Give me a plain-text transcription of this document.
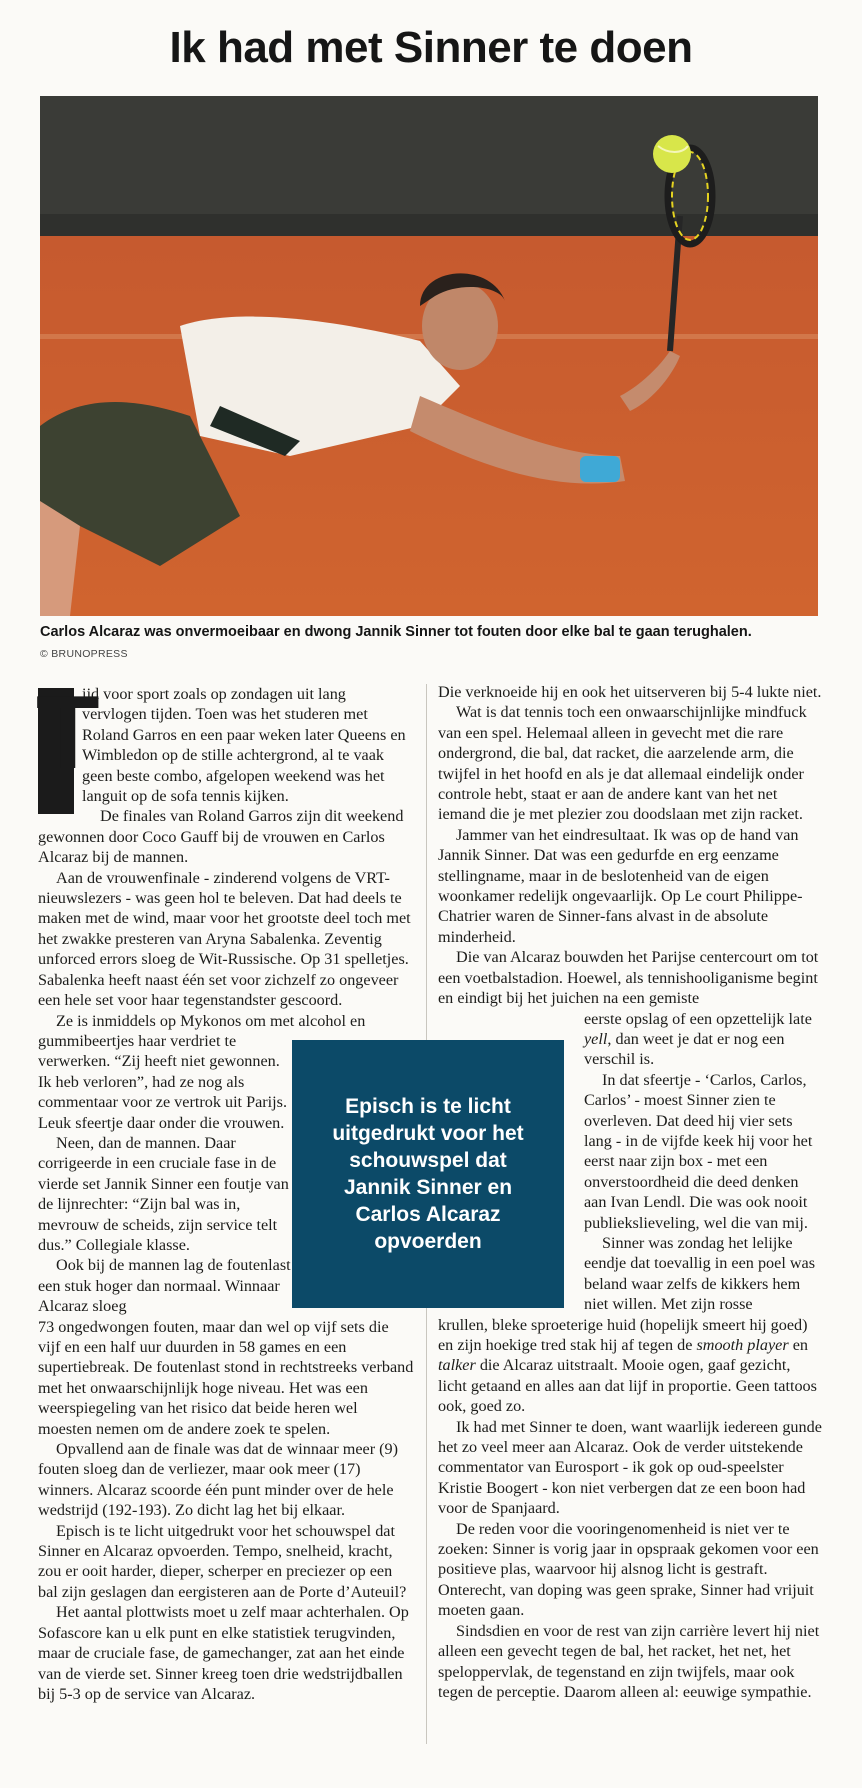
Ik had met Sinner te doen
Carlos Alcaraz was onvermoeibaar en dwong Jannik Sinner tot fouten door elke bal te gaan terughalen.
© BRUNOPRESS
T

ijd voor sport zoals op zondagen uit lang vervlogen tijden. Toen was het studeren met Roland Garros en een paar weken later Queens en Wimbledon op de stille achtergrond, al te vaak geen beste combo, afgelopen weekend was het languit op de sofa tennis kijken.

De finales van Roland Garros zijn dit weekend gewonnen door Coco Gauff bij de vrouwen en Carlos Alcaraz bij de mannen.

Aan de vrouwenfinale - zinderend volgens de VRT-nieuwslezers - was geen hol te beleven. Dat had deels te maken met de wind, maar voor het grootste deel toch met het zwakke presteren van Aryna Sabalenka. Zeventig unforced errors sloeg de Wit-Russische. Op 31 spelletjes. Sabalenka heeft naast één set voor zichzelf zo ongeveer een hele set voor haar tegenstandster gescoord.

Ze is inmiddels op Mykonos om met alcohol en

gummibeertjes haar verdriet te verwerken. “Zij heeft niet gewonnen. Ik heb verloren”, had ze nog als commentaar voor ze vertrok uit Parijs. Leuk sfeertje daar onder die vrouwen.

Neen, dan de mannen. Daar corrigeerde in een cruciale fase in de vierde set Jannik Sinner een foutje van de lijnrechter: “Zijn bal was in, mevrouw de scheids, zijn service telt dus.” Collegiale klasse.

Ook bij de mannen lag de foutenlast een stuk hoger dan normaal. Winnaar Alcaraz sloeg

73 ongedwongen fouten, maar dan wel op vijf sets die vijf en een half uur duurden in 58 games en een supertiebreak. De foutenlast stond in rechtstreeks verband met het onwaarschijnlijk hoge niveau. Het was een weerspiegeling van het risico dat beide heren wel moesten nemen om de andere zoek te spelen.

Opvallend aan de finale was dat de winnaar meer (9) fouten sloeg dan de verliezer, maar ook meer (17) winners. Alcaraz scoorde één punt minder over de hele wedstrijd (192-193). Zo dicht lag het bij elkaar.

Episch is te licht uitgedrukt voor het schouwspel dat Sinner en Alcaraz opvoerden. Tempo, snelheid, kracht, zou er ooit harder, dieper, scherper en preciezer op een bal zijn geslagen dan eergisteren aan de Porte d’Auteuil?

Het aantal plottwists moet u zelf maar achterhalen. Op Sofascore kan u elk punt en elke statistiek terugvinden, maar de cruciale fase, de gamechanger, zat aan het einde van de vierde set. Sinner kreeg toen drie wedstrijdballen bij 5-3 op de service van Alcaraz.

Die verknoeide hij en ook het uitserveren bij 5-4 lukte niet.

Wat is dat tennis toch een onwaarschijnlijke mindfuck van een spel. Helemaal alleen in gevecht met die rare ondergrond, die bal, dat racket, die aarzelende arm, die twijfel in het hoofd en als je dat allemaal eindelijk onder controle hebt, staat er aan de andere kant van het net iemand die je met plezier zou doodslaan met zijn racket.

Jammer van het eindresultaat. Ik was op de hand van Jannik Sinner. Dat was een gedurfde en erg eenzame stellingname, maar in de beslotenheid van de eigen woonkamer redelijk ongevaarlijk. Op Le court Philippe-Chatrier waren de Sinner-fans alvast in de absolute minderheid.

Die van Alcaraz bouwden het Parijse centercourt om tot een voetbalstadion. Hoewel, als tennishooliganisme begint en eindigt bij het juichen na een gemiste

eerste opslag of een opzettelijk late yell, dan weet je dat er nog een verschil is.

In dat sfeertje - ‘Carlos, Carlos, Carlos’ - moest Sinner zien te overleven. Dat deed hij vier sets lang - in de vijfde keek hij voor het eerst naar zijn box - met een onverstoordheid die deed denken aan Ivan Lendl. Die was ook nooit publiekslieveling, wel die van mij.

Sinner was zondag het lelijke eendje dat toevallig in een poel was beland waar zelfs de kikkers hem niet willen. Met zijn rosse

krullen, bleke sproeterige huid (hopelijk smeert hij goed) en zijn hoekige tred stak hij af tegen de smooth player en talker die Alcaraz uitstraalt. Mooie ogen, gaaf gezicht, licht getaand en alles aan dat lijf in proportie. Geen tattoos ook, goed zo.

Ik had met Sinner te doen, want waarlijk iedereen gunde het zo veel meer aan Alcaraz. Ook de verder uitstekende commentator van Eurosport - ik gok op oud-speelster Kristie Boogert - kon niet verbergen dat ze een boon had voor de Spanjaard.

De reden voor die vooringenomenheid is niet ver te zoeken: Sinner is vorig jaar in opspraak gekomen voor een positieve plas, waarvoor hij alsnog licht is gestraft. Onterecht, van doping was geen sprake, Sinner had vrijuit moeten gaan.

Sindsdien en voor de rest van zijn carrière levert hij niet alleen een gevecht tegen de bal, het racket, het net, het speloppervlak, de tegenstand en zijn twijfels, maar ook tegen de perceptie. Daarom alleen al: eeuwige sympathie.

Episch is te licht uitgedrukt voor het schouwspel dat Jannik Sinner en Carlos Alcaraz opvoerden
